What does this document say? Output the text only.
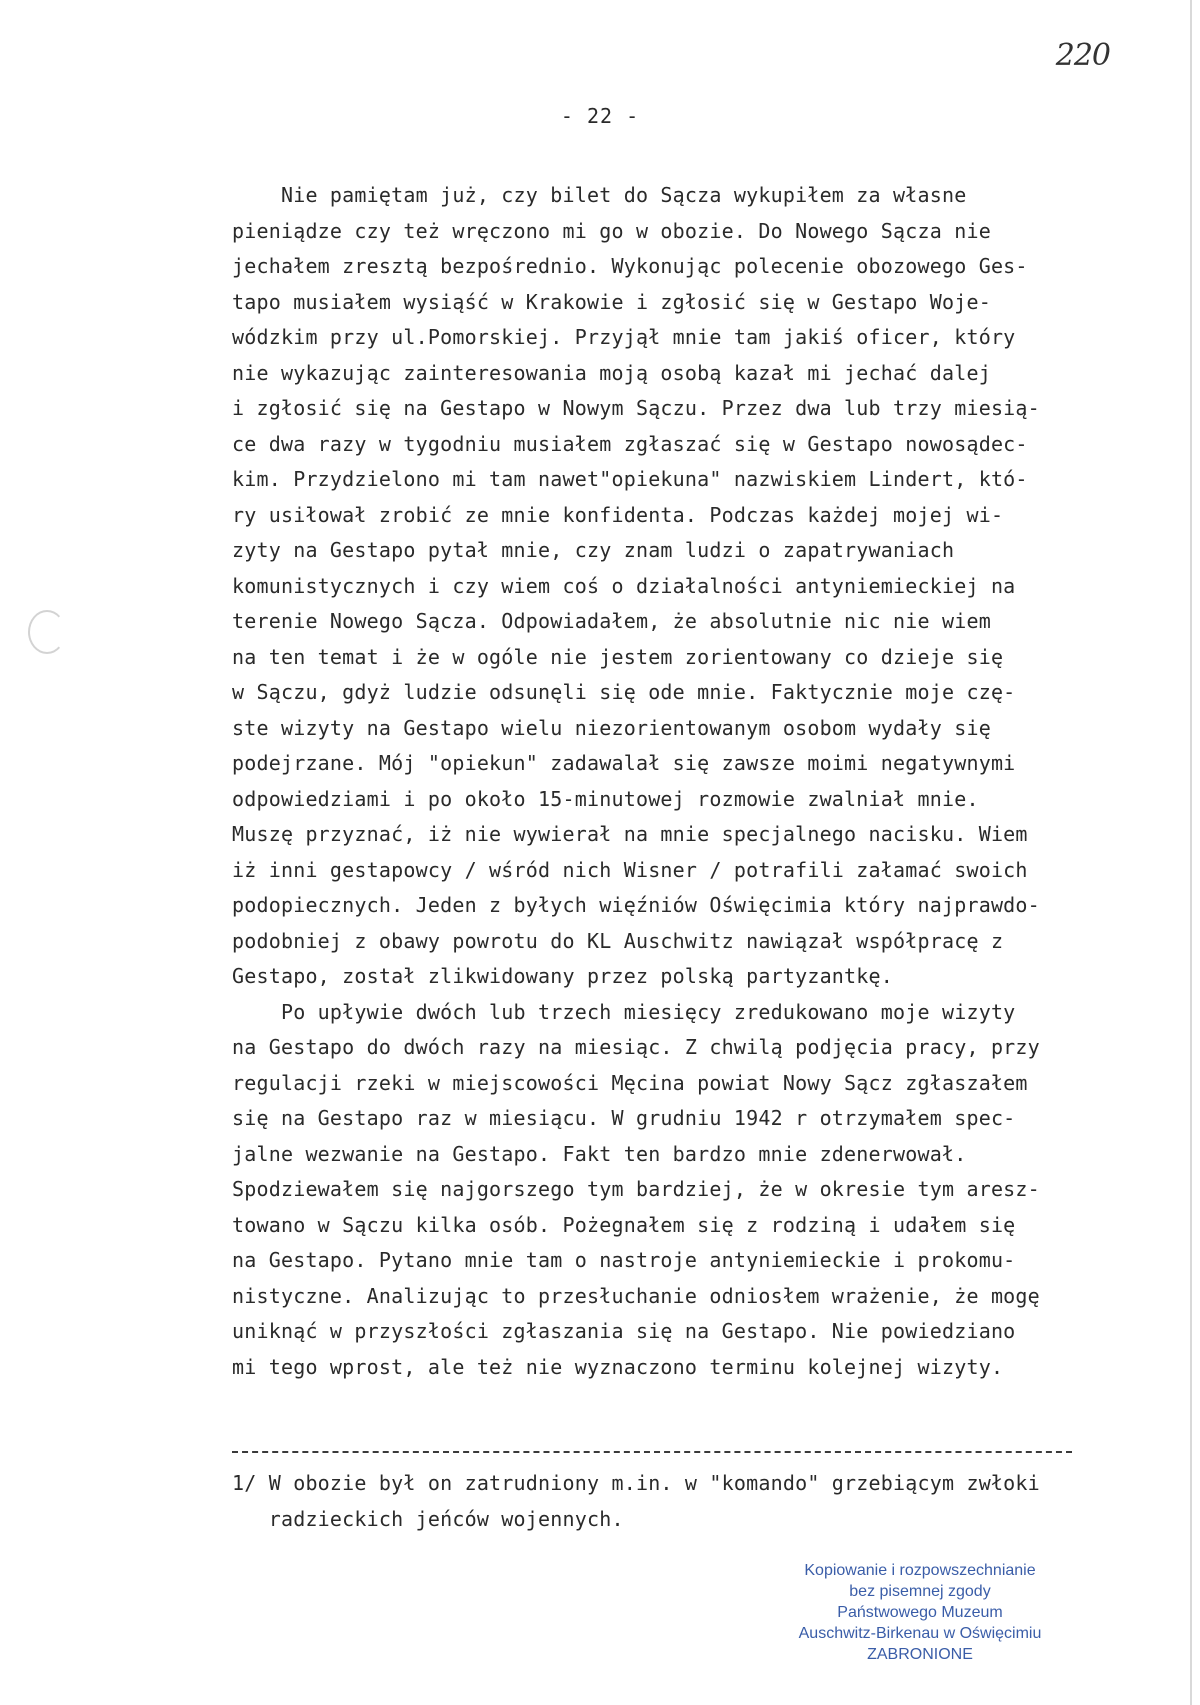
220
- 22 -
Nie pamiętam już, czy bilet do Sącza wykupiłem za własne
pieniądze czy też wręczono mi go w obozie. Do Nowego Sącza nie
jechałem zresztą bezpośrednio. Wykonując polecenie obozowego Ges-
tapo musiałem wysiąść w Krakowie i zgłosić się w Gestapo Woje-
wódzkim przy ul.Pomorskiej. Przyjął mnie tam jakiś oficer, który
nie wykazując zainteresowania moją osobą kazał mi jechać dalej
i zgłosić się na Gestapo w Nowym Sączu. Przez dwa lub trzy miesią-
ce dwa razy w tygodniu musiałem zgłaszać się w Gestapo nowosądec-
kim. Przydzielono mi tam nawet"opiekuna" nazwiskiem Lindert, któ-
ry usiłował zrobić ze mnie konfidenta. Podczas każdej mojej wi-
zyty na Gestapo pytał mnie, czy znam ludzi o zapatrywaniach
komunistycznych i czy wiem coś o działalności antyniemieckiej na
terenie Nowego Sącza. Odpowiadałem, że absolutnie nic nie wiem
na ten temat i że w ogóle nie jestem zorientowany co dzieje się
w Sączu, gdyż ludzie odsunęli się ode mnie. Faktycznie moje czę-
ste wizyty na Gestapo wielu niezorientowanym osobom wydały się
podejrzane. Mój "opiekun" zadawalał się zawsze moimi negatywnymi
odpowiedziami i po około 15-minutowej rozmowie zwalniał mnie.
Muszę przyznać, iż nie wywierał na mnie specjalnego nacisku. Wiem
iż inni gestapowcy / wśród nich Wisner / potrafili załamać swoich
podopiecznych. Jeden z byłych więźniów Oświęcimia który najprawdo-
podobniej z obawy powrotu do KL Auschwitz nawiązał współpracę z
Gestapo, został zlikwidowany przez polską partyzantkę.
Po upływie dwóch lub trzech miesięcy zredukowano moje wizyty
na Gestapo do dwóch razy na miesiąc. Z chwilą podjęcia pracy, przy
regulacji rzeki w miejscowości Męcina powiat Nowy Sącz zgłaszałem
się na Gestapo raz w miesiącu. W grudniu 1942 r otrzymałem spec-
jalne wezwanie na Gestapo. Fakt ten bardzo mnie zdenerwował.
Spodziewałem się najgorszego tym bardziej, że w okresie tym aresz-
towano w Sączu kilka osób. Pożegnałem się z rodziną i udałem się
na Gestapo. Pytano mnie tam o nastroje antyniemieckie i prokomu-
nistyczne. Analizując to przesłuchanie odniosłem wrażenie, że mogę
uniknąć w przyszłości zgłaszania się na Gestapo. Nie powiedziano
mi tego wprost, ale też nie wyznaczono terminu kolejnej wizyty.
1/ W obozie był on zatrudniony m.in. w "komando" grzebiącym zwłoki
radzieckich jeńców wojennych.
Kopiowanie i rozpowszechnianie
bez pisemnej zgody
Państwowego Muzeum
Auschwitz-Birkenau w Oświęcimiu
ZABRONIONE
